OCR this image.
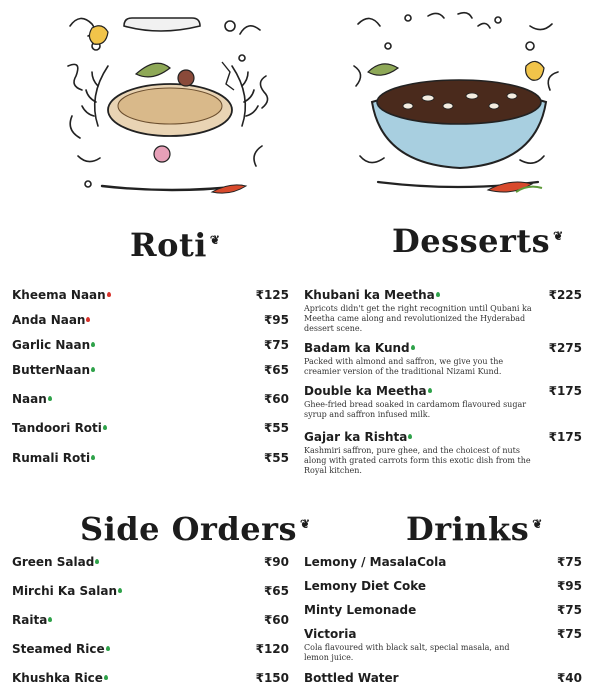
Roti ❦
Kheema Naan	₹125
Anda Naan	₹95
Garlic Naan	₹75
ButterNaan	₹65
Naan	₹60
Tandoori Roti	₹55
Rumali Roti	₹55
Desserts ❦
Khubani ka Meetha	₹225
Apricots didn't get the right recognition until Qubani ka Meetha came along and revolutionized the Hyderabad dessert scene.
Badam ka Kund	₹275
Packed with almond and saffron, we give you the creamier version of the traditional Nizami Kund.
Double ka Meetha	₹175
Ghee-fried bread soaked in cardamom flavoured sugar syrup and saffron infused milk.
Gajar ka Rishta	₹175
Kashmiri saffron, pure ghee, and the choicest of nuts along with grated carrots form this exotic dish from the Royal kitchen.
Side Orders ❦
Green Salad	₹90
Mirchi Ka Salan	₹65
Raita	₹60
Steamed Rice	₹120
Khushka Rice	₹150
Drinks ❦
Lemony / MasalaCola	₹75
Lemony Diet Coke	₹95
Minty Lemonade	₹75
Victoria	₹75
Cola flavoured with black salt, special masala, and lemon juice.
Bottled Water	₹40
